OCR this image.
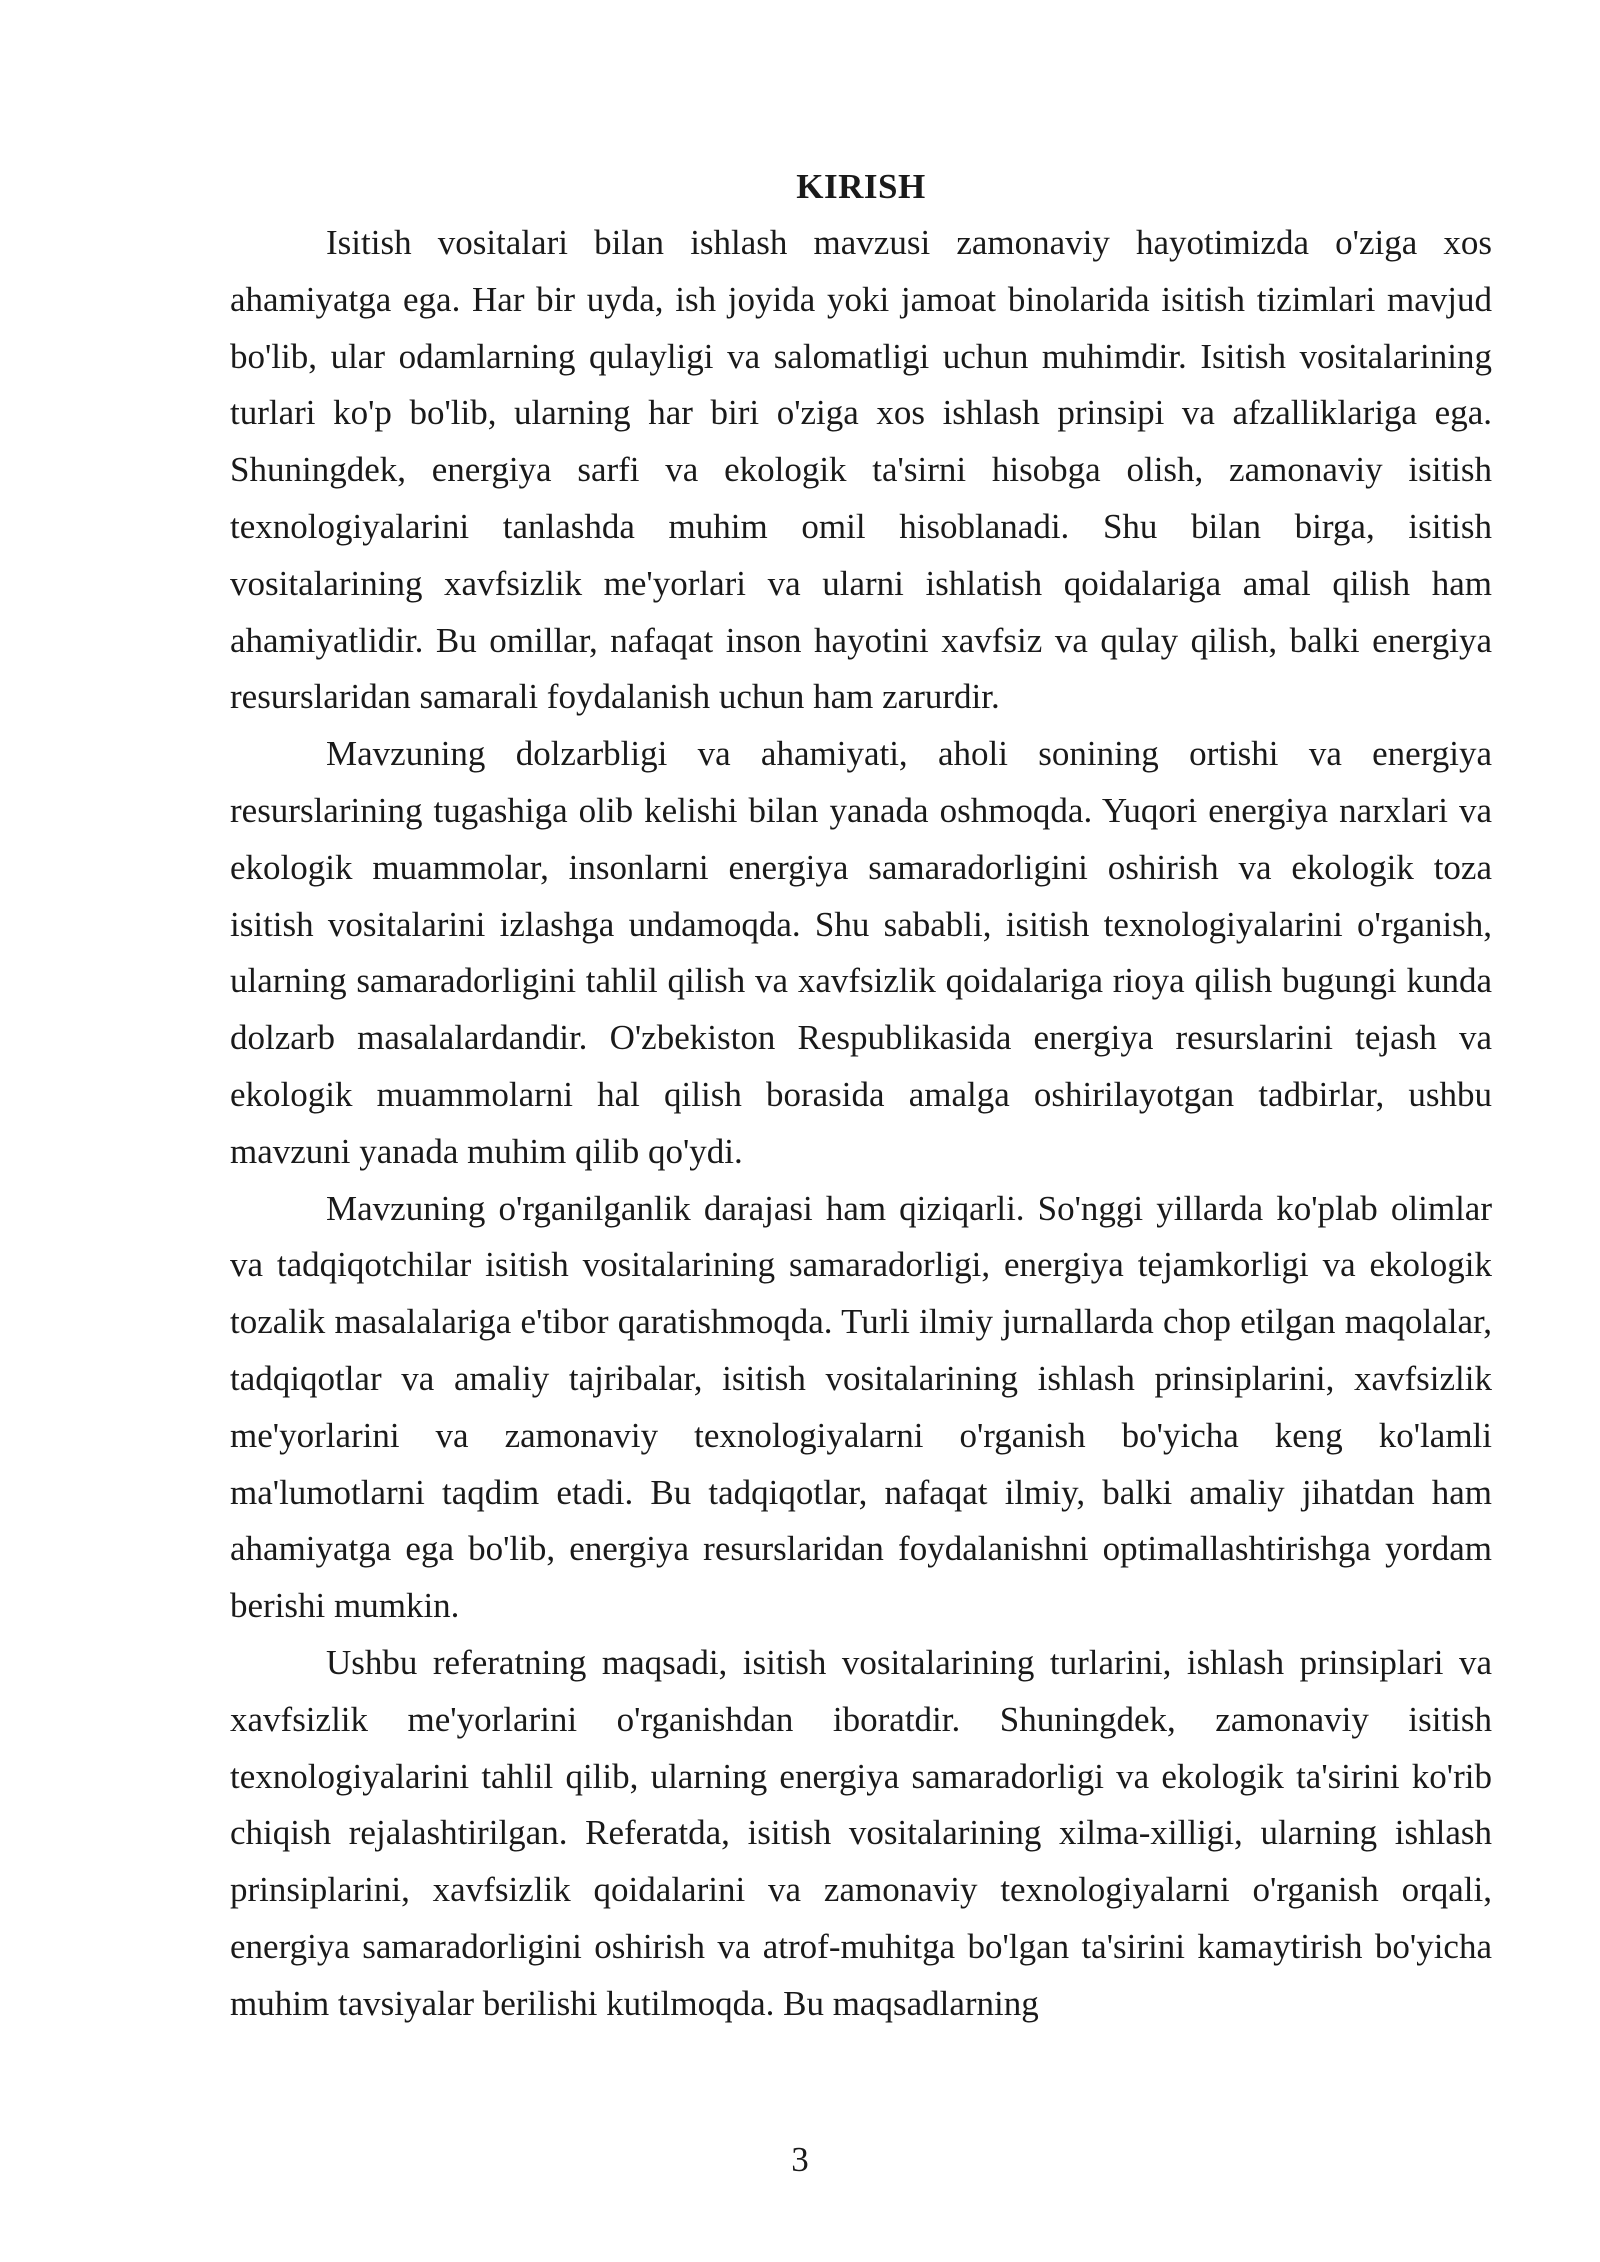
KIRISH

Isitish vositalari bilan ishlash mavzusi zamonaviy hayotimizda o'ziga xos ahamiyatga ega. Har bir uyda, ish joyida yoki jamoat binolarida isitish tizimlari mavjud bo'lib, ular odamlarning qulayligi va salomatligi uchun muhimdir. Isitish vositalarining turlari ko'p bo'lib, ularning har biri o'ziga xos ishlash prinsipi va afzalliklariga ega. Shuningdek, energiya sarfi va ekologik ta'sirni hisobga olish, zamonaviy isitish texnologiyalarini tanlashda muhim omil hisoblanadi. Shu bilan birga, isitish vositalarining xavfsizlik me'yorlari va ularni ishlatish qoidalariga amal qilish ham ahamiyatlidir. Bu omillar, nafaqat inson hayotini xavfsiz va qulay qilish, balki energiya resurslaridan samarali foydalanish uchun ham zarurdir.

Mavzuning dolzarbligi va ahamiyati, aholi sonining ortishi va energiya resurslarining tugashiga olib kelishi bilan yanada oshmoqda. Yuqori energiya narxlari va ekologik muammolar, insonlarni energiya samaradorligini oshirish va ekologik toza isitish vositalarini izlashga undamoqda. Shu sababli, isitish texnologiyalarini o'rganish, ularning samaradorligini tahlil qilish va xavfsizlik qoidalariga rioya qilish bugungi kunda dolzarb masalalardandir. O'zbekiston Respublikasida energiya resurslarini tejash va ekologik muammolarni hal qilish borasida amalga oshirilayotgan tadbirlar, ushbu mavzuni yanada muhim qilib qo'ydi.

Mavzuning o'rganilganlik darajasi ham qiziqarli. So'nggi yillarda ko'plab olimlar va tadqiqotchilar isitish vositalarining samaradorligi, energiya tejamkorligi va ekologik tozalik masalalariga e'tibor qaratishmoqda. Turli ilmiy jurnallarda chop etilgan maqolalar, tadqiqotlar va amaliy tajribalar, isitish vositalarining ishlash prinsiplarini, xavfsizlik me'yorlarini va zamonaviy texnologiyalarni o'rganish bo'yicha keng ko'lamli ma'lumotlarni taqdim etadi. Bu tadqiqotlar, nafaqat ilmiy, balki amaliy jihatdan ham ahamiyatga ega bo'lib, energiya resurslaridan foydalanishni optimallashtirishga yordam berishi mumkin.

Ushbu referatning maqsadi, isitish vositalarining turlarini, ishlash prinsiplari va xavfsizlik me'yorlarini o'rganishdan iboratdir. Shuningdek, zamonaviy isitish texnologiyalarini tahlil qilib, ularning energiya samaradorligi va ekologik ta'sirini ko'rib chiqish rejalashtirilgan. Referatda, isitish vositalarining xilma-xilligi, ularning ishlash prinsiplarini, xavfsizlik qoidalarini va zamonaviy texnologiyalarni o'rganish orqali, energiya samaradorligini oshirish va atrof-muhitga bo'lgan ta'sirini kamaytirish bo'yicha muhim tavsiyalar berilishi kutilmoqda. Bu maqsadlarning

3
